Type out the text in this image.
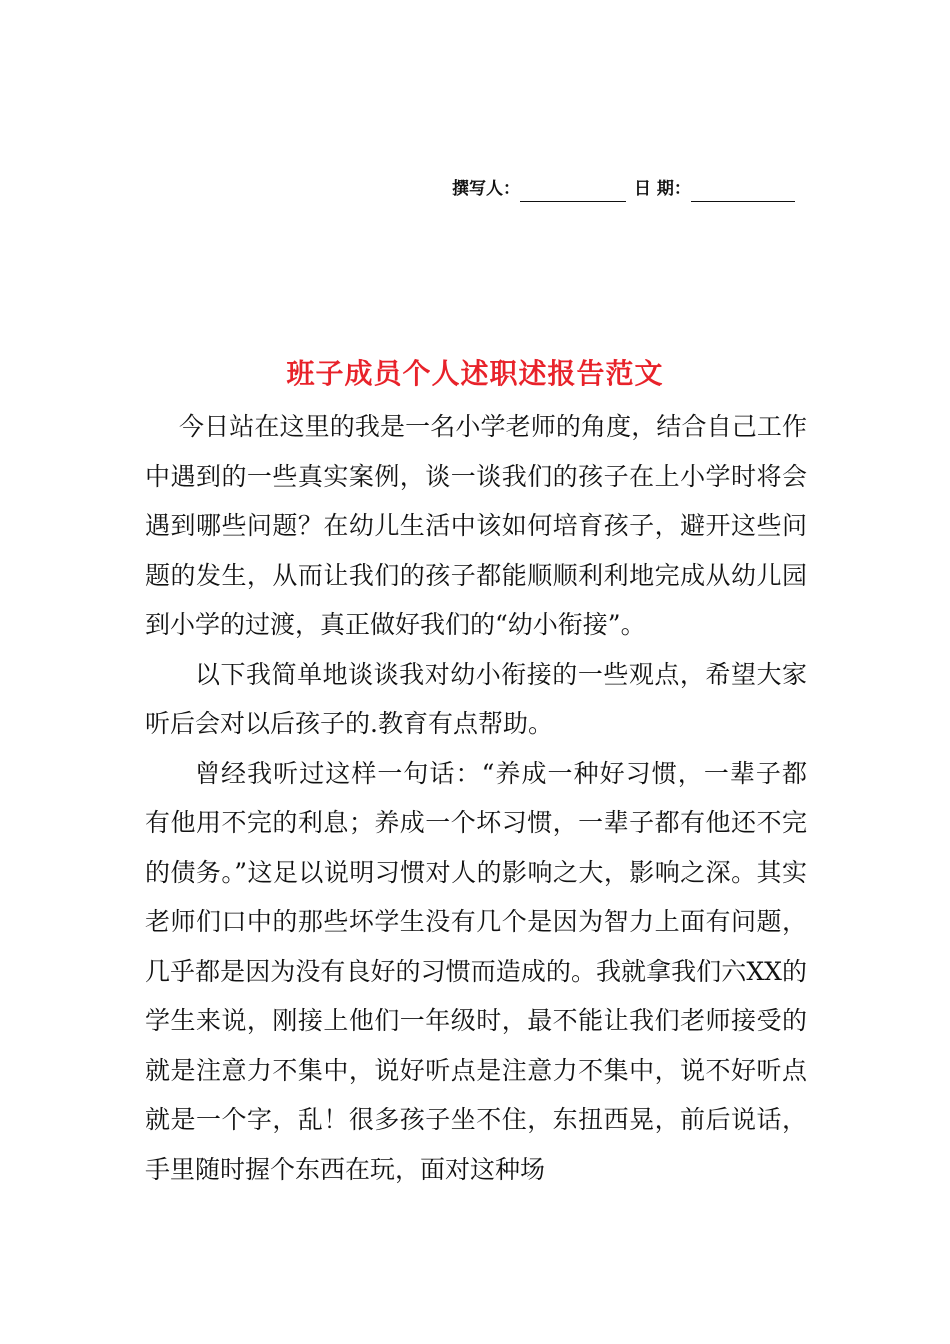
撰写人：	日 期：
班子成员个人述职述报告范文

今日站在这里的我是一名小学老师的角度，结合自己工作中遇到的一些真实案例，谈一谈我们的孩子在上小学时将会遇到哪些问题？在幼儿生活中该如何培育孩子，避开这些问题的发生，从而让我们的孩子都能顺顺利利地完成从幼儿园到小学的过渡，真正做好我们的“幼小衔接”。

以下我简单地谈谈我对幼小衔接的一些观点，希望大家听后会对以后孩子的.教育有点帮助。

曾经我听过这样一句话：“养成一种好习惯，一辈子都有他用不完的利息；养成一个坏习惯，一辈子都有他还不完的债务。”这足以说明习惯对人的影响之大，影响之深。其实老师们口中的那些坏学生没有几个是因为智力上面有问题，几乎都是因为没有良好的习惯而造成的。我就拿我们六XX的学生来说，刚接上他们一年级时，最不能让我们老师接受的就是注意力不集中，说好听点是注意力不集中，说不好听点就是一个字，乱！很多孩子坐不住，东扭西晃，前后说话，手里随时握个东西在玩，面对这种场
